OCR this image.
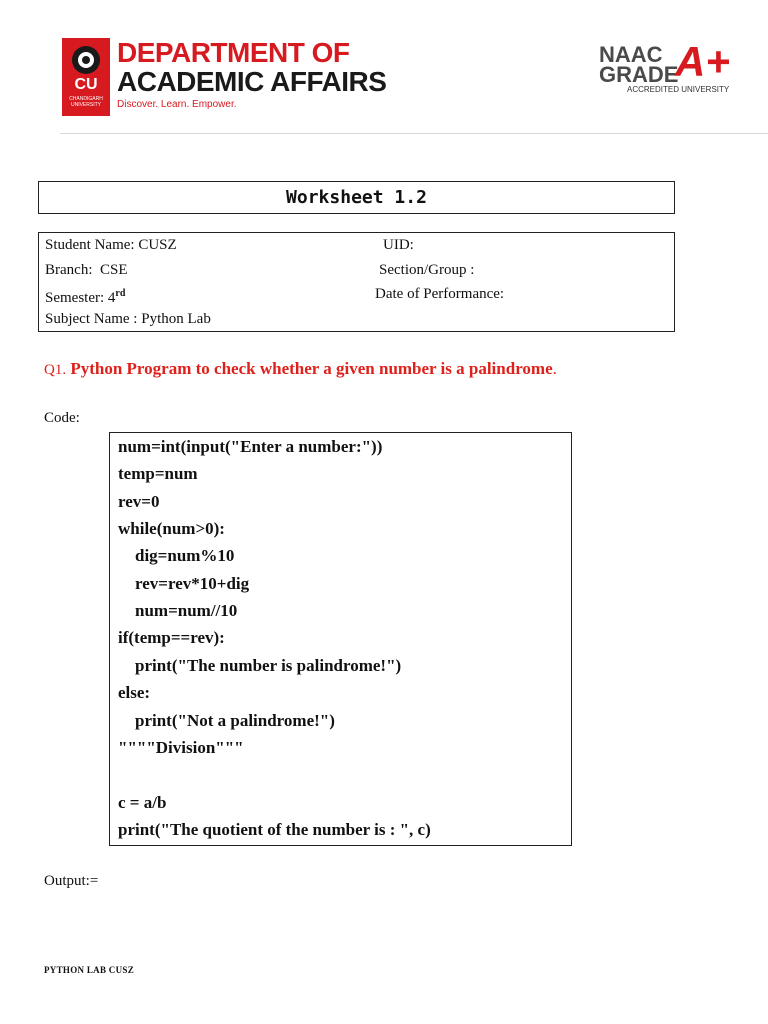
CU
CHANDIGARH UNIVERSITY
DEPARTMENT OF
ACADEMIC AFFAIRS
Discover. Learn. Empower.
NAAC
GRADE
A+
ACCREDITED UNIVERSITY
Worksheet 1.2
Student Name: CUSZ	UID:
Branch: CSE	Section/Group :
Semester: 4rd	Date of Performance:
Subject Name : Python Lab
Q1. Python Program to check whether a given number is a palindrome.
Code:
num=int(input("Enter a number:"))
temp=num
rev=0
while(num>0):
dig=num%10
rev=rev*10+dig
num=num//10
if(temp==rev):
print("The number is palindrome!")
else:
print("Not a palindrome!")
""""Division"""
c = a/b
print("The quotient of the number is : ", c)
Output:=
PYTHON LAB CUSZ
